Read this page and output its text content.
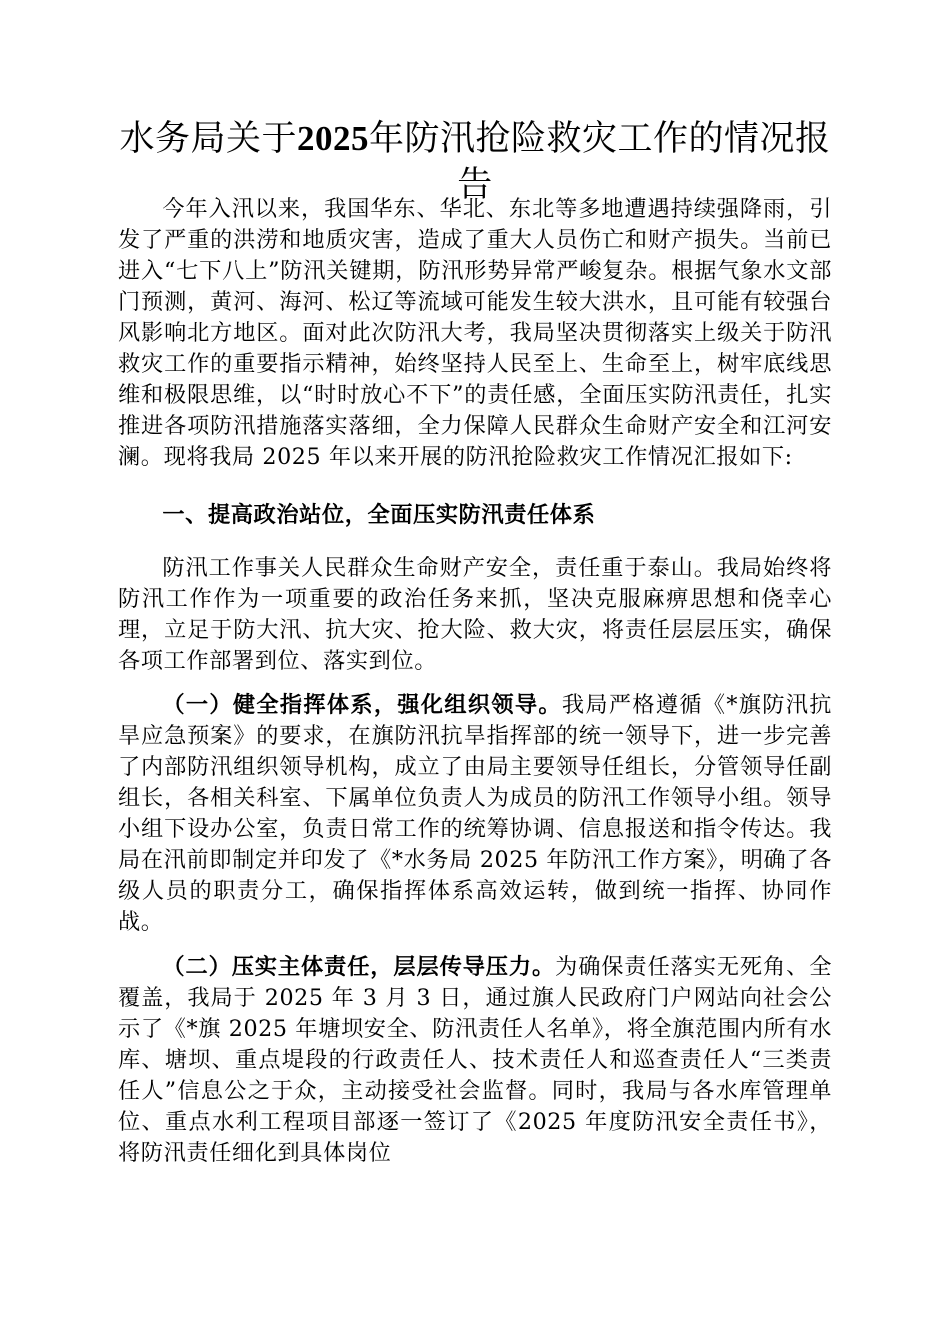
水务局关于2025年防汛抢险救灾工作的情况报告

今年入汛以来，我国华东、华北、东北等多地遭遇持续强降雨，引发了严重的洪涝和地质灾害，造成了重大人员伤亡和财产损失。当前已进入“七下八上”防汛关键期，防汛形势异常严峻复杂。根据气象水文部门预测，黄河、海河、松辽等流域可能发生较大洪水，且可能有较强台风影响北方地区。面对此次防汛大考，我局坚决贯彻落实上级关于防汛救灾工作的重要指示精神，始终坚持人民至上、生命至上，树牢底线思维和极限思维，以“时时放心不下”的责任感，全面压实防汛责任，扎实推进各项防汛措施落实落细，全力保障人民群众生命财产安全和江河安澜。现将我局 2025 年以来开展的防汛抢险救灾工作情况汇报如下:

一、提高政治站位，全面压实防汛责任体系

防汛工作事关人民群众生命财产安全，责任重于泰山。我局始终将防汛工作作为一项重要的政治任务来抓，坚决克服麻痹思想和侥幸心理，立足于防大汛、抗大灾、抢大险、救大灾，将责任层层压实，确保各项工作部署到位、落实到位。

（一）健全指挥体系，强化组织领导。我局严格遵循《*旗防汛抗旱应急预案》的要求，在旗防汛抗旱指挥部的统一领导下，进一步完善了内部防汛组织领导机构，成立了由局主要领导任组长，分管领导任副组长，各相关科室、下属单位负责人为成员的防汛工作领导小组。领导小组下设办公室，负责日常工作的统筹协调、信息报送和指令传达。我局在汛前即制定并印发了《*水务局 2025 年防汛工作方案》，明确了各级人员的职责分工，确保指挥体系高效运转，做到统一指挥、协同作战。

（二）压实主体责任，层层传导压力。为确保责任落实无死角、全覆盖，我局于 2025 年 3 月 3 日，通过旗人民政府门户网站向社会公示了《*旗 2025 年塘坝安全、防汛责任人名单》，将全旗范围内所有水库、塘坝、重点堤段的行政责任人、技术责任人和巡查责任人“三类责任人”信息公之于众，主动接受社会监督。同时，我局与各水库管理单位、重点水利工程项目部逐一签订了《2025 年度防汛安全责任书》，将防汛责任细化到具体岗位
